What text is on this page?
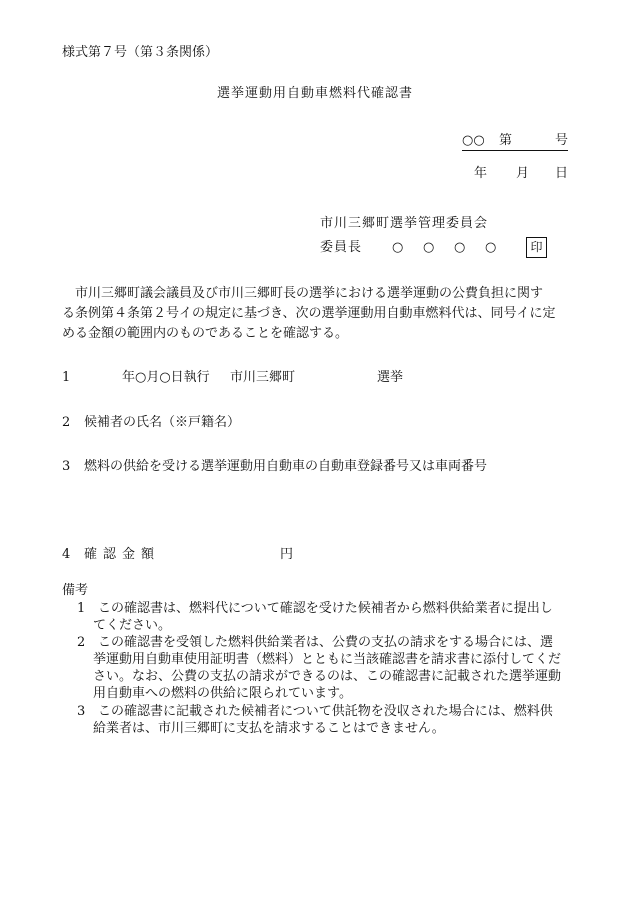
様式第７号（第３条関係）
選挙運動用自動車燃料代確認書
○○ 第	号
年 月 日
市川三郷町選挙管理委員会
委員長 ○ ○ ○ ○	印
市川三郷町議会議員及び市川三郷町長の選挙における選挙運動の公費負担に関す
る条例第４条第２号イの規定に基づき、次の選挙運動用自動車燃料代は、同号イに定
める金額の範囲内のものであることを確認する。
1	年○月○日執行 市川三郷町	選挙
2 候補者の氏名（※戸籍名）
3 燃料の供給を受ける選挙運動用自動車の自動車登録番号又は車両番号
4 確認金額	円
備考
1 この確認書は、燃料代について確認を受けた候補者から燃料供給業者に提出し
てください。
2 この確認書を受領した燃料供給業者は、公費の支払の請求をする場合には、選
挙運動用自動車使用証明書（燃料）とともに当該確認書を請求書に添付してくだ
さい。なお、公費の支払の請求ができるのは、この確認書に記載された選挙運動
用自動車への燃料の供給に限られています。
3 この確認書に記載された候補者について供託物を没収された場合には、燃料供
給業者は、市川三郷町に支払を請求することはできません。
